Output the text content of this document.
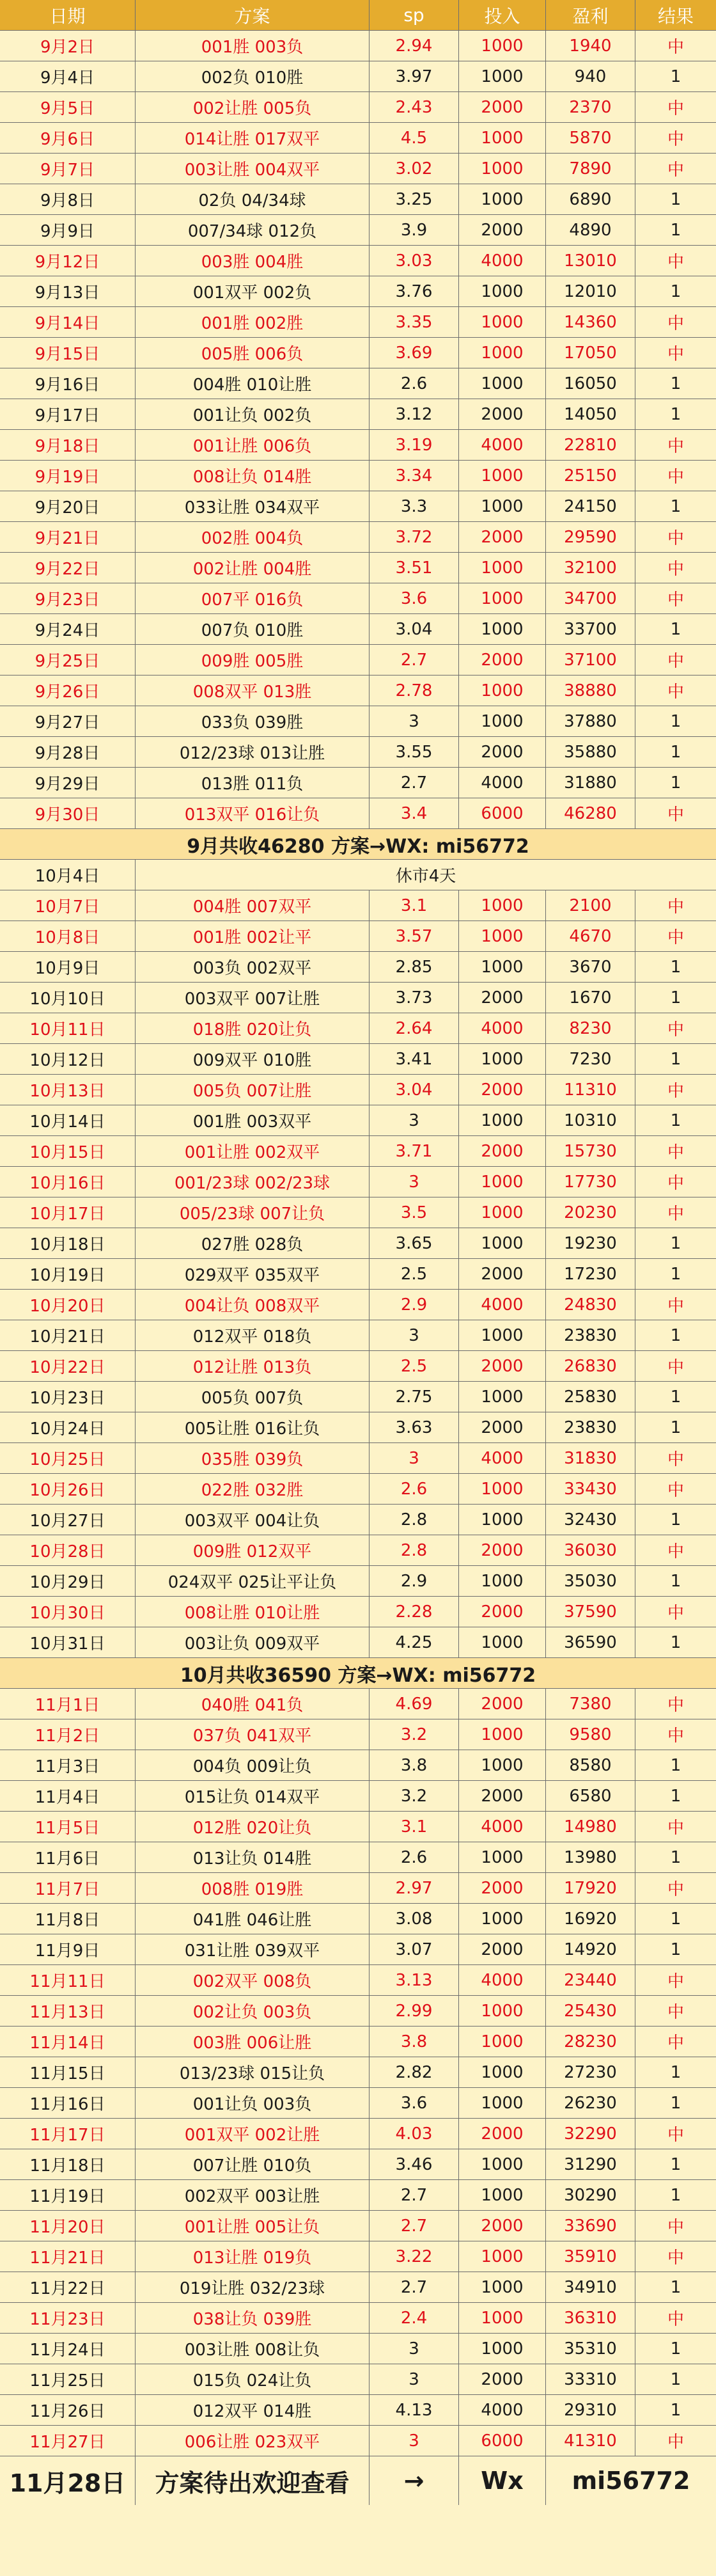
日期	方案	sp	投入	盈利	结果
9月2日	001胜 003负	2.94	1000	1940	中
9月4日	002负 010胜	3.97	1000	940	1
9月5日	002让胜 005负	2.43	2000	2370	中
9月6日	014让胜 017双平	4.5	1000	5870	中
9月7日	003让胜 004双平	3.02	1000	7890	中
9月8日	02负 04/34球	3.25	1000	6890	1
9月9日	007/34球 012负	3.9	2000	4890	1
9月12日	003胜 004胜	3.03	4000	13010	中
9月13日	001双平 002负	3.76	1000	12010	1
9月14日	001胜 002胜	3.35	1000	14360	中
9月15日	005胜 006负	3.69	1000	17050	中
9月16日	004胜 010让胜	2.6	1000	16050	1
9月17日	001让负 002负	3.12	2000	14050	1
9月18日	001让胜 006负	3.19	4000	22810	中
9月19日	008让负 014胜	3.34	1000	25150	中
9月20日	033让胜 034双平	3.3	1000	24150	1
9月21日	002胜 004负	3.72	2000	29590	中
9月22日	002让胜 004胜	3.51	1000	32100	中
9月23日	007平 016负	3.6	1000	34700	中
9月24日	007负 010胜	3.04	1000	33700	1
9月25日	009胜 005胜	2.7	2000	37100	中
9月26日	008双平 013胜	2.78	1000	38880	中
9月27日	033负 039胜	3	1000	37880	1
9月28日	012/23球 013让胜	3.55	2000	35880	1
9月29日	013胜 011负	2.7	4000	31880	1
9月30日	013双平 016让负	3.4	6000	46280	中
9月共收46280 方案→WX: mi56772
10月4日	休市4天
10月7日	004胜 007双平	3.1	1000	2100	中
10月8日	001胜 002让平	3.57	1000	4670	中
10月9日	003负 002双平	2.85	1000	3670	1
10月10日	003双平 007让胜	3.73	2000	1670	1
10月11日	018胜 020让负	2.64	4000	8230	中
10月12日	009双平 010胜	3.41	1000	7230	1
10月13日	005负 007让胜	3.04	2000	11310	中
10月14日	001胜 003双平	3	1000	10310	1
10月15日	001让胜 002双平	3.71	2000	15730	中
10月16日	001/23球 002/23球	3	1000	17730	中
10月17日	005/23球 007让负	3.5	1000	20230	中
10月18日	027胜 028负	3.65	1000	19230	1
10月19日	029双平 035双平	2.5	2000	17230	1
10月20日	004让负 008双平	2.9	4000	24830	中
10月21日	012双平 018负	3	1000	23830	1
10月22日	012让胜 013负	2.5	2000	26830	中
10月23日	005负 007负	2.75	1000	25830	1
10月24日	005让胜 016让负	3.63	2000	23830	1
10月25日	035胜 039负	3	4000	31830	中
10月26日	022胜 032胜	2.6	1000	33430	中
10月27日	003双平 004让负	2.8	1000	32430	1
10月28日	009胜 012双平	2.8	2000	36030	中
10月29日	024双平 025让平让负	2.9	1000	35030	1
10月30日	008让胜 010让胜	2.28	2000	37590	中
10月31日	003让负 009双平	4.25	1000	36590	1
10月共收36590 方案→WX: mi56772
11月1日	040胜 041负	4.69	2000	7380	中
11月2日	037负 041双平	3.2	1000	9580	中
11月3日	004负 009让负	3.8	1000	8580	1
11月4日	015让负 014双平	3.2	2000	6580	1
11月5日	012胜 020让负	3.1	4000	14980	中
11月6日	013让负 014胜	2.6	1000	13980	1
11月7日	008胜 019胜	2.97	2000	17920	中
11月8日	041胜 046让胜	3.08	1000	16920	1
11月9日	031让胜 039双平	3.07	2000	14920	1
11月11日	002双平 008负	3.13	4000	23440	中
11月13日	002让负 003负	2.99	1000	25430	中
11月14日	003胜 006让胜	3.8	1000	28230	中
11月15日	013/23球 015让负	2.82	1000	27230	1
11月16日	001让负 003负	3.6	1000	26230	1
11月17日	001双平 002让胜	4.03	2000	32290	中
11月18日	007让胜 010负	3.46	1000	31290	1
11月19日	002双平 003让胜	2.7	1000	30290	1
11月20日	001让胜 005让负	2.7	2000	33690	中
11月21日	013让胜 019负	3.22	1000	35910	中
11月22日	019让胜 032/23球	2.7	1000	34910	1
11月23日	038让负 039胜	2.4	1000	36310	中
11月24日	003让胜 008让负	3	1000	35310	1
11月25日	015负 024让负	3	2000	33310	1
11月26日	012双平 014胜	4.13	4000	29310	1
11月27日	006让胜 023双平	3	6000	41310	中
11月28日	方案待出欢迎查看	→	Wx	mi56772
